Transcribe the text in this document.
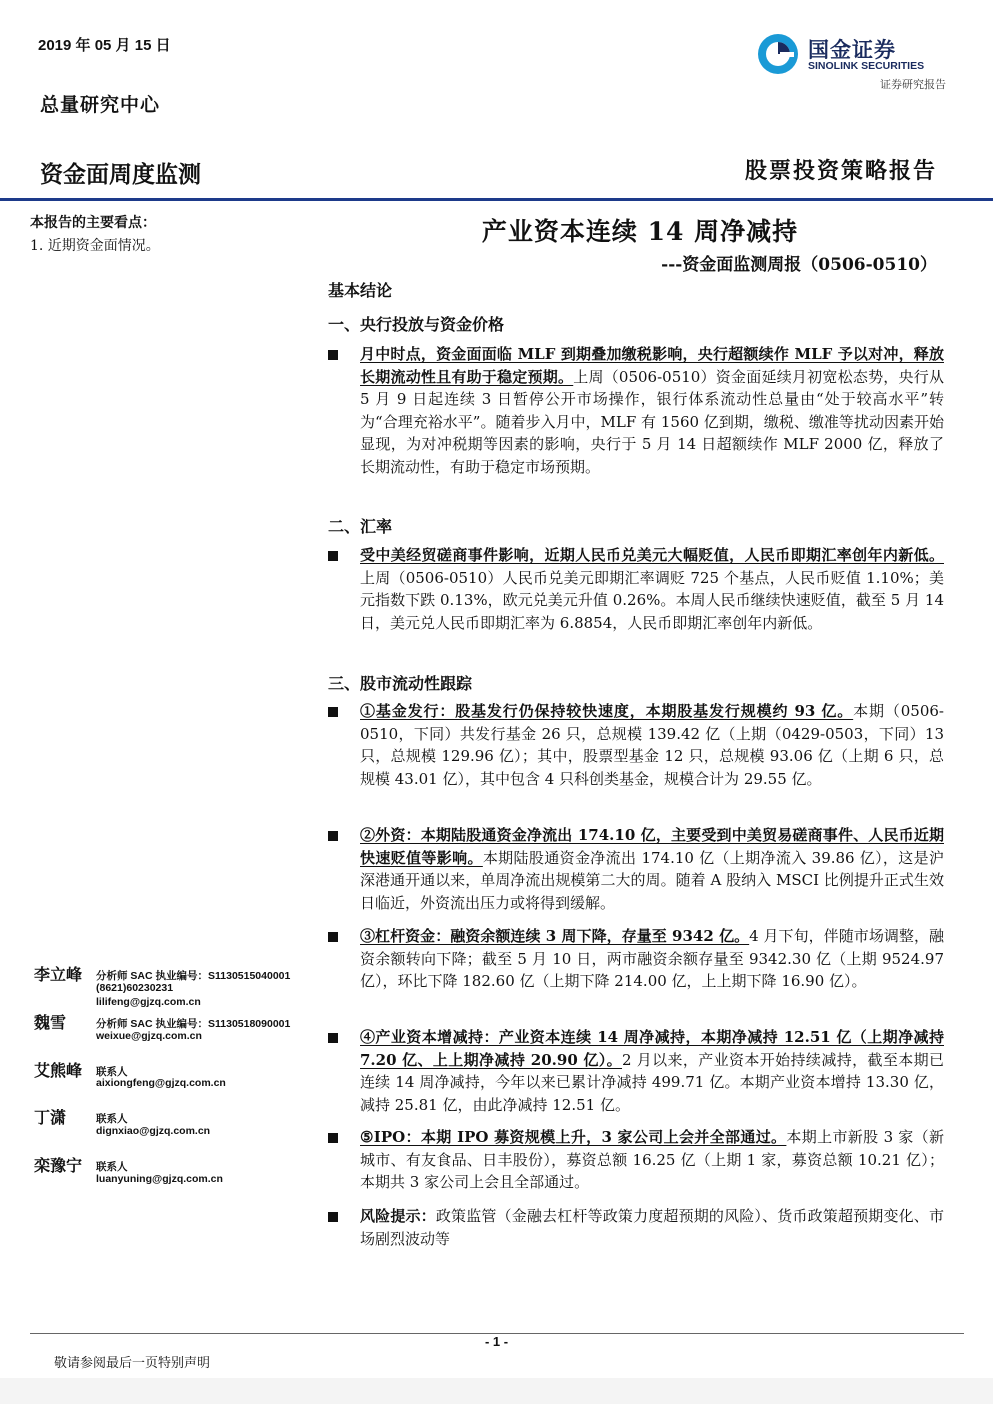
2019 年 05 月 15 日
总量研究中心
资金面周度监测	股票投资策略报告
国金证券
SINOLINK SECURITIES
证券研究报告
本报告的主要看点：
1. 近期资金面情况。	产业资本连续 14 周净减持
---资金面监测周报（0506-0510）
基本结论
一、央行投放与资金价格
月中时点，资金面面临 MLF 到期叠加缴税影响，央行超额续作 MLF 予以对冲，释放长期流动性且有助于稳定预期。上周（0506-0510）资金面延续月初宽松态势，央行从 5 月 9 日起连续 3 日暂停公开市场操作，银行体系流动性总量由“处于较高水平”转为“合理充裕水平”。随着步入月中，MLF 有 1560 亿到期，缴税、缴准等扰动因素开始显现，为对冲税期等因素的影响，央行于 5 月 14 日超额续作 MLF 2000 亿，释放了长期流动性，有助于稳定市场预期。
二、汇率
受中美经贸磋商事件影响，近期人民币兑美元大幅贬值，人民币即期汇率创年内新低。上周（0506-0510）人民币兑美元即期汇率调贬 725 个基点，人民币贬值 1.10%；美元指数下跌 0.13%，欧元兑美元升值 0.26%。本周人民币继续快速贬值，截至 5 月 14 日，美元兑人民币即期汇率为 6.8854，人民币即期汇率创年内新低。
三、股市流动性跟踪
①基金发行：股基发行仍保持较快速度，本期股基发行规模约 93 亿。本期（0506-0510，下同）共发行基金 26 只，总规模 139.42 亿（上期（0429-0503，下同）13 只，总规模 129.96 亿）；其中，股票型基金 12 只，总规模 93.06 亿（上期 6 只，总规模 43.01 亿），其中包含 4 只科创类基金，规模合计为 29.55 亿。
②外资：本期陆股通资金净流出 174.10 亿，主要受到中美贸易磋商事件、人民币近期快速贬值等影响。本期陆股通资金净流出 174.10 亿（上期净流入 39.86 亿），这是沪深港通开通以来，单周净流出规模第二大的周。随着 A 股纳入 MSCI 比例提升正式生效日临近，外资流出压力或将得到缓解。
③杠杆资金：融资余额连续 3 周下降，存量至 9342 亿。4 月下旬，伴随市场调整，融资余额转向下降；截至 5 月 10 日，两市融资余额存量至 9342.30 亿（上期 9524.97 亿），环比下降 182.60 亿（上期下降 214.00 亿，上上期下降 16.90 亿）。
④产业资本增减持：产业资本连续 14 周净减持，本期净减持 12.51 亿（上期净减持 7.20 亿、上上期净减持 20.90 亿）。2 月以来，产业资本开始持续减持，截至本期已连续 14 周净减持，今年以来已累计净减持 499.71 亿。本期产业资本增持 13.30 亿，减持 25.81 亿，由此净减持 12.51 亿。
⑤IPO：本期 IPO 募资规模上升，3 家公司上会并全部通过。本期上市新股 3 家（新城市、有友食品、日丰股份），募资总额 16.25 亿（上期 1 家，募资总额 10.21 亿）；本期共 3 家公司上会且全部通过。
风险提示：政策监管（金融去杠杆等政策力度超预期的风险）、货币政策超预期变化、市场剧烈波动等
李立峰 分析师 SAC 执业编号：S1130515040001
(8621)60230231
lilifeng@gjzq.com.cn
魏雪	分析师 SAC 执业编号：S1130518090001
weixue@gjzq.com.cn
艾熊峰 联系人
aixiongfeng@gjzq.com.cn
丁潇	联系人
dignxiao@gjzq.com.cn
栾豫宁 联系人
luanyuning@gjzq.com.cn
- 1 -
敬请参阅最后一页特别声明
